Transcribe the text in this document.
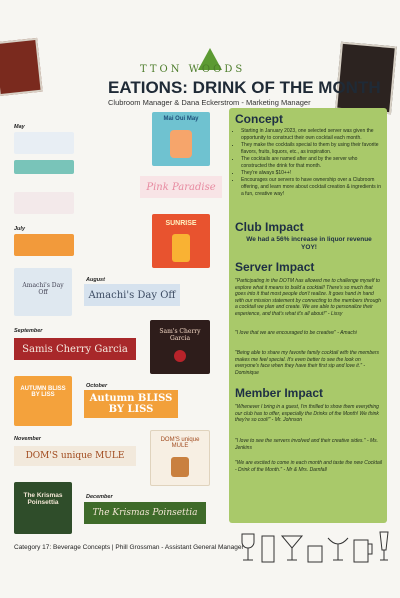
TTON WOODS
EATIONS: DRINK OF THE MONTH
Clubroom Manager & Dana Eckerstrom - Marketing Manager
May
July
Mai Oui May
Pink Paradise
SUNRISE
August
Amachi's Day Off	Amachi's Day Off
September
Samis Cherry Garcia
Sam's Cherry Garcia
AUTUMN BLISS BY LISS
October
Autumn BLISS BY LISS
November
DOM'S unique MULE
DOM'S unique MULE
The Krismas Poinsettia
December
The Krismas Poinsettia
Concept
• Starting in January 2023, one selected server was given the opportunity to construct their own cocktail each month.
• They make the cocktails special to them by using their favorite flavors, fruits, liquors, etc., as inspiration.
• The cocktails are named after and by the server who constructed the drink for that month.
• They're always $10++!
• Encourages our servers to have ownership over a Clubroom offering, and learn more about cocktail creation & ingredients in a fun, creative way!
Club Impact
We had a 56% increase in liquor revenue YOY!
Server Impact
"Participating in the DOTM has allowed me to challenge myself to explore what it means to build a cocktail! There's so much that goes into it that most people don't realize. It goes hand in hand with our mission statement by connecting to the members through a cocktail we plan and create. We are able to personalize their experience, and that's what it's all about!" - Lissy
"I love that we are encouraged to be creative" - Amachi
"Being able to share my favorite family cocktail with the members makes me feel special. It's even better to see the look on everyone's face when they have their first sip and love it." - Dominique
Member Impact
"Whenever I bring in a guest, I'm thrilled to show them everything our club has to offer, especially the Drinks of the Month! We think they're so cool!" - Mr. Johnson
"I love to see the servers involved and their creative sides." - Ms. Jenkins
"We are excited to come in each month and taste the new Cocktail - Drink of the Month." - Mr & Mrs. Darnfall
Category 17: Beverage Concepts | Phill Grossman - Assistant General Manager
